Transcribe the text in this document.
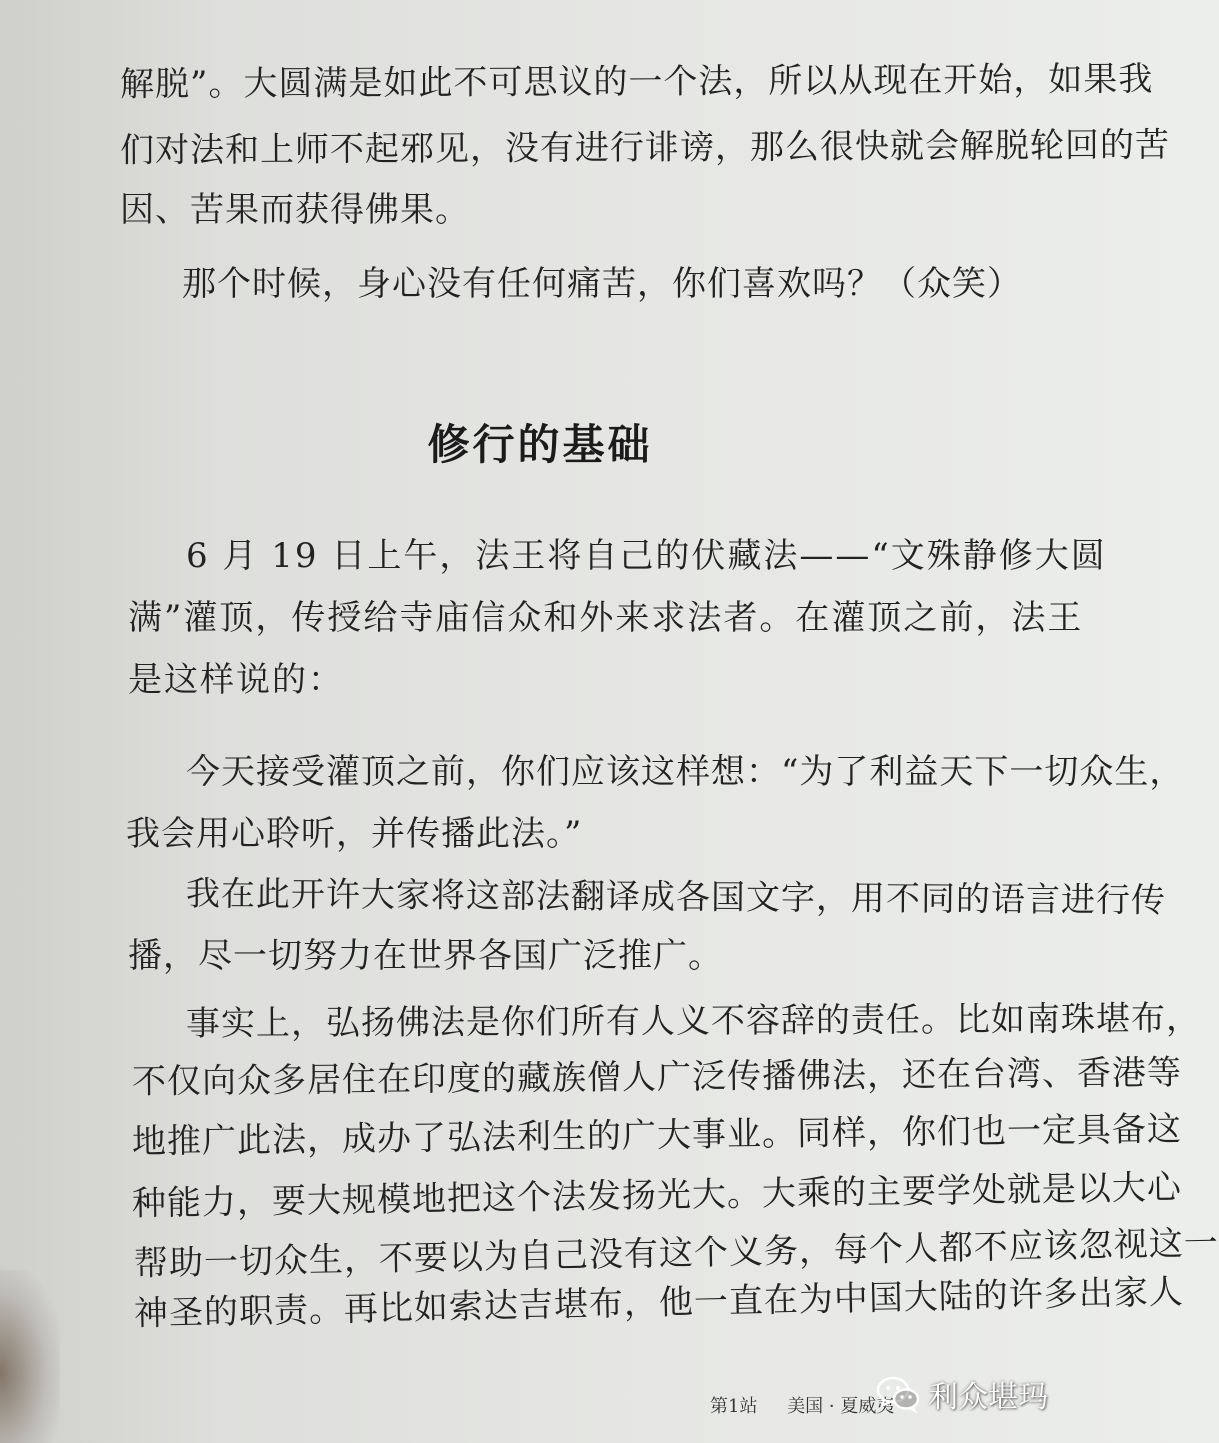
解脱”。大圆满是如此不可思议的一个法，所以从现在开始，如果我
们对法和上师不起邪见，没有进行诽谤，那么很快就会解脱轮回的苦
因、苦果而获得佛果。
那个时候，身心没有任何痛苦，你们喜欢吗？（众笑）
修行的基础
6 月 19 日上午，法王将自己的伏藏法——“文殊静修大圆
满”灌顶，传授给寺庙信众和外来求法者。在灌顶之前，法王
是这样说的：
今天接受灌顶之前，你们应该这样想：“为了利益天下一切众生，
我会用心聆听，并传播此法。”
我在此开许大家将这部法翻译成各国文字，用不同的语言进行传
播，尽一切努力在世界各国广泛推广。
事实上，弘扬佛法是你们所有人义不容辞的责任。比如南珠堪布，
不仅向众多居住在印度的藏族僧人广泛传播佛法，还在台湾、香港等
地推广此法，成办了弘法利生的广大事业。同样，你们也一定具备这
种能力，要大规模地把这个法发扬光大。大乘的主要学处就是以大心
帮助一切众生，不要以为自己没有这个义务，每个人都不应该忽视这一
神圣的职责。再比如索达吉堪布，他一直在为中国大陆的许多出家人
第1站 美国 · 夏威夷	利众堪玛
